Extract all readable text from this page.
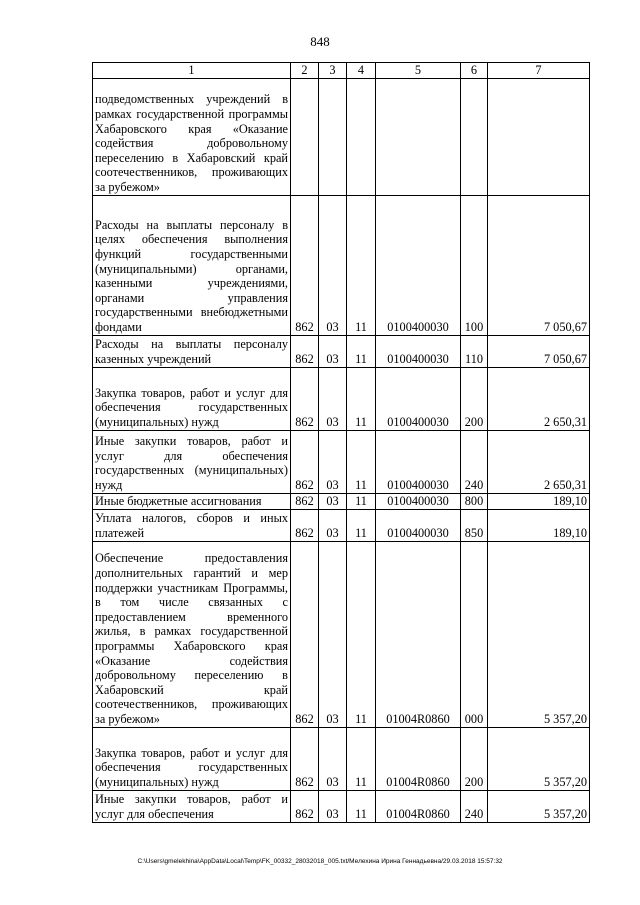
848
1	2	3	4	5	6	7
подведомственных учреждений в рамках государственной программы Хабаровского края «Оказание содействия добровольному переселению в Хабаровский край соотечественников, проживающих за рубежом»						
Расходы на выплаты персоналу в целях обеспечения выполнения функций государственными (муниципальными) органами, казенными учреждениями, органами управления государственными внебюджетными фондами	862	03	11	0100400030	100	7 050,67
Расходы на выплаты персоналу казенных учреждений	862	03	11	0100400030	110	7 050,67
Закупка товаров, работ и услуг для обеспечения государственных (муниципальных) нужд	862	03	11	0100400030	200	2 650,31
Иные закупки товаров, работ и услуг для обеспечения государственных (муниципальных) нужд	862	03	11	0100400030	240	2 650,31
Иные бюджетные ассигнования	862	03	11	0100400030	800	189,10
Уплата налогов, сборов и иных платежей	862	03	11	0100400030	850	189,10
Обеспечение предоставления дополнительных гарантий и мер поддержки участникам Программы, в том числе связанных с предоставлением временного жилья, в рамках государственной программы Хабаровского края «Оказание содействия добровольному переселению в Хабаровский край соотечественников, проживающих за рубежом»	862	03	11	01004R0860	000	5 357,20
Закупка товаров, работ и услуг для обеспечения государственных (муниципальных) нужд	862	03	11	01004R0860	200	5 357,20
Иные закупки товаров, работ и услуг для обеспечения	862	03	11	01004R0860	240	5 357,20
C:\Users\gmelekhina\AppData\Local\Temp\FK_00332_28032018_005.txt/Мелехина Ирина Геннадьевна/29.03.2018 15:57:32
